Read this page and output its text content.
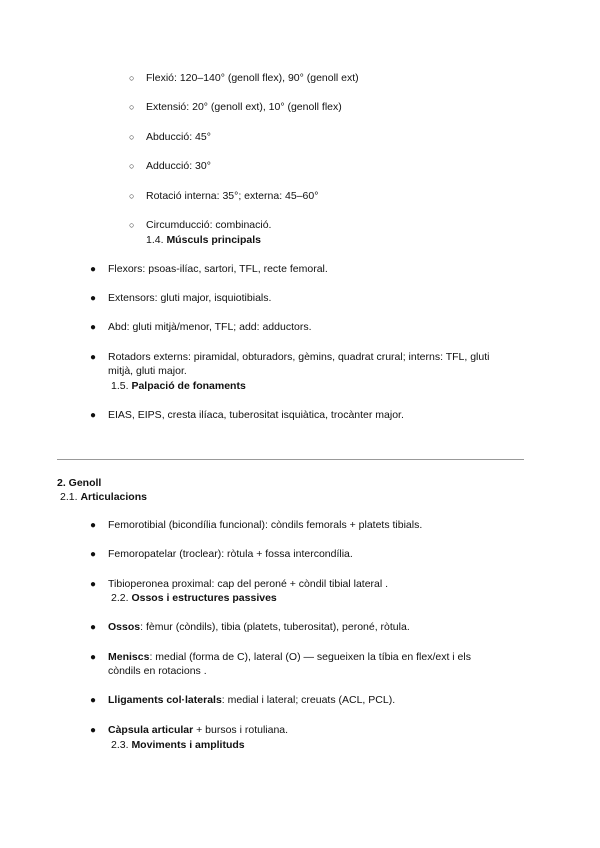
○ Flexió: 120–140° (genoll flex), 90° (genoll ext)
○ Extensió: 20° (genoll ext), 10° (genoll flex)
○ Abducció: 45°
○ Adducció: 30°
○ Rotació interna: 35°; externa: 45–60°
○ Circumducció: combinació.
1.4. Músculs principals
● Flexors: psoas-ilíac, sartori, TFL, recte femoral.
● Extensors: gluti major, isquiotibials.
● Abd: gluti mitjà/menor, TFL; add: adductors.
● Rotadors externs: piramidal, obturadors, gèmins, quadrat crural; interns: TFL, gluti
mitjà, gluti major.
1.5. Palpació de fonaments
● EIAS, EIPS, cresta ilíaca, tuberositat isquiàtica, trocànter major.
2. Genoll
2.1. Articulacions
● Femorotibial (bicondília funcional): còndils femorals + platets tibials.
● Femoropatelar (troclear): ròtula + fossa intercondília.
● Tibioperonea proximal: cap del peroné + còndil tibial lateral .
2.2. Ossos i estructures passives
● Ossos: fèmur (còndils), tibia (platets, tuberositat), peroné, ròtula.
● Meniscs: medial (forma de C), lateral (O) — segueixen la tíbia en flex/ext i els
còndils en rotacions .
● Lligaments col·laterals: medial i lateral; creuats (ACL, PCL).
● Càpsula articular + bursos i rotuliana.
2.3. Moviments i amplituds
